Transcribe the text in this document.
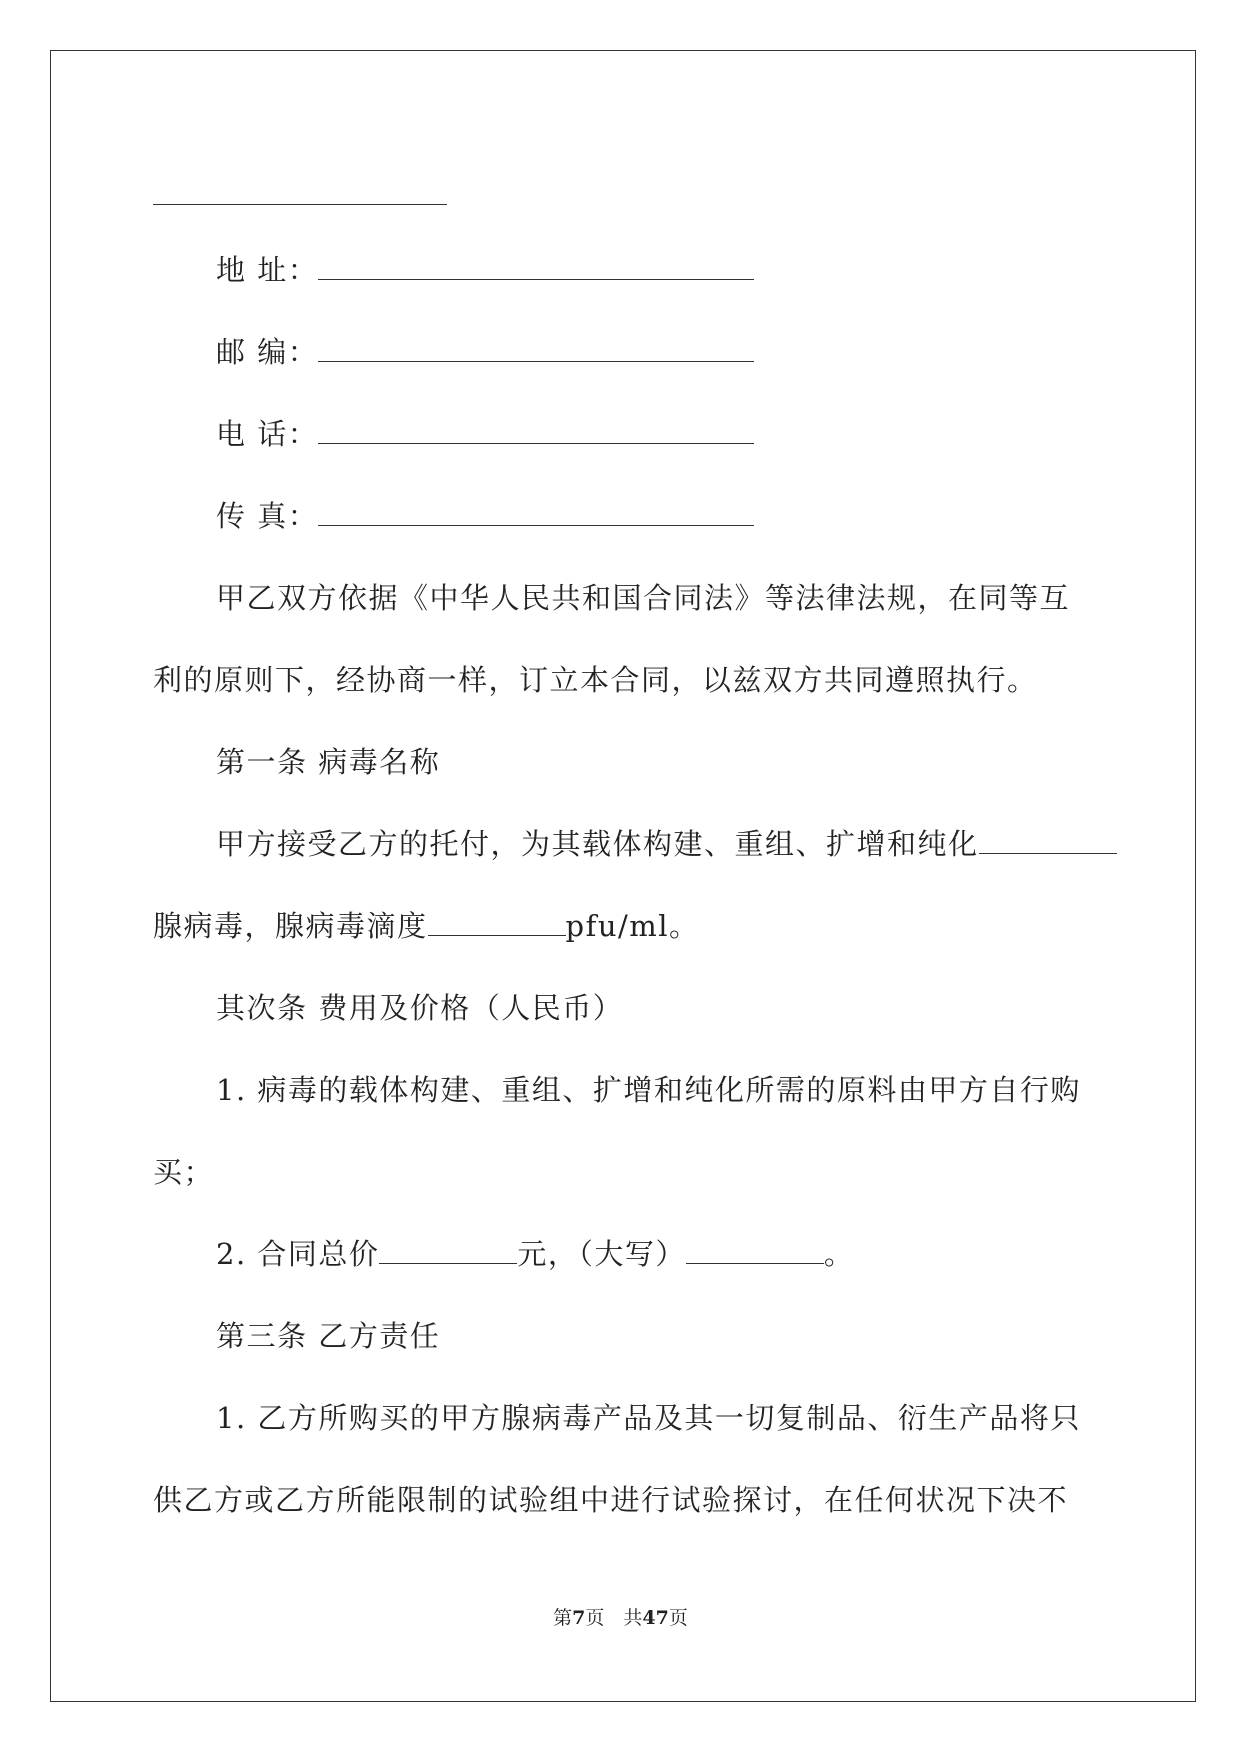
地 址：
邮 编：
电 话：
传 真：
甲乙双方依据《中华人民共和国合同法》等法律法规，在同等互
利的原则下，经协商一样，订立本合同，以兹双方共同遵照执行。
第一条 病毒名称
甲方接受乙方的托付，为其载体构建、重组、扩增和纯化
腺病毒，腺病毒滴度	pfu/ml。
其次条 费用及价格（人民币）
1. 病毒的载体构建、重组、扩增和纯化所需的原料由甲方自行购
买；
2. 合同总价	元，（大写）	。
第三条 乙方责任
1. 乙方所购买的甲方腺病毒产品及其一切复制品、衍生产品将只
供乙方或乙方所能限制的试验组中进行试验探讨，在任何状况下决不
第7页　共47页
